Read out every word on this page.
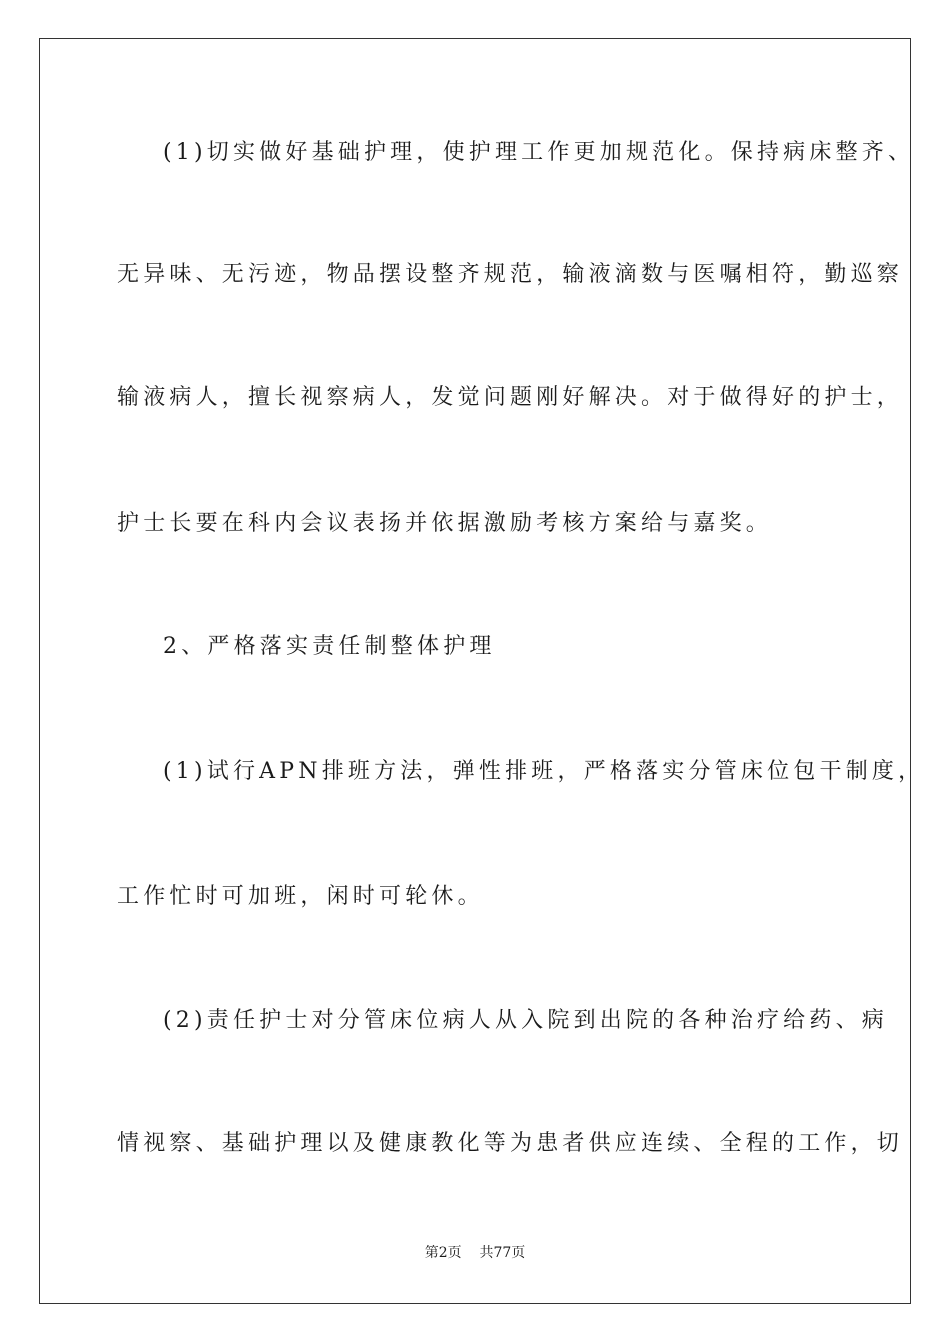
(1)切实做好基础护理，使护理工作更加规范化。保持病床整齐、
无异味、无污迹，物品摆设整齐规范，输液滴数与医嘱相符，勤巡察
输液病人，擅长视察病人，发觉问题刚好解决。对于做得好的护士，
护士长要在科内会议表扬并依据激励考核方案给与嘉奖。
2、严格落实责任制整体护理
(1)试行APN排班方法，弹性排班，严格落实分管床位包干制度，
工作忙时可加班，闲时可轮休。
(2)责任护士对分管床位病人从入院到出院的各种治疗给药、病
情视察、基础护理以及健康教化等为患者供应连续、全程的工作，切
第2页    共77页
